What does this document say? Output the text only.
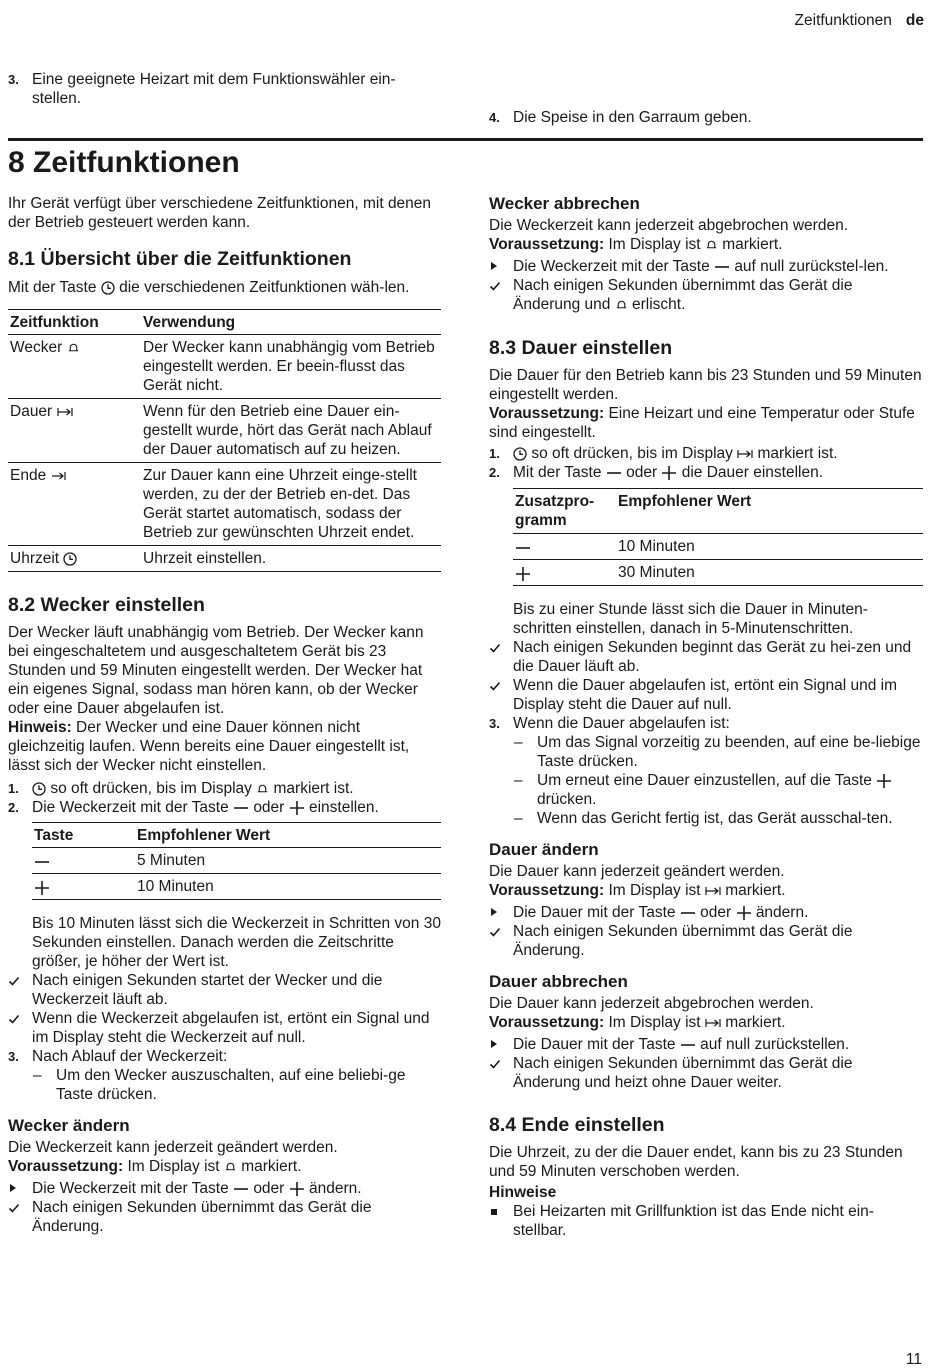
Zeitfunktionen de
3. Eine geeignete Heizart mit dem Funktionswähler ein-
stellen.
4. Die Speise in den Garraum geben.
8 Zeitfunktionen

Ihr Gerät verfügt über verschiedene Zeitfunktionen, mit denen der Betrieb gesteuert werden kann.

8.1 Übersicht über die Zeitfunktionen

Mit der Taste die verschiedenen Zeitfunktionen wäh-len.

Zeitfunktion	Verwendung
Wecker	Der Wecker kann unabhängig vom Betrieb eingestellt werden. Er beein-flusst das Gerät nicht.
Dauer	Wenn für den Betrieb eine Dauer ein-gestellt wurde, hört das Gerät nach Ablauf der Dauer automatisch auf zu heizen.
Ende	Zur Dauer kann eine Uhrzeit einge-stellt werden, zu der der Betrieb en-det. Das Gerät startet automatisch, sodass der Betrieb zur gewünschten Uhrzeit endet.
Uhrzeit	Uhrzeit einstellen.
8.2 Wecker einstellen

Der Wecker läuft unabhängig vom Betrieb. Der Wecker kann bei eingeschaltetem und ausgeschaltetem Gerät bis 23 Stunden und 59 Minuten eingestellt werden. Der Wecker hat ein eigenes Signal, sodass man hören kann, ob der Wecker oder eine Dauer abgelaufen ist.

Hinweis: Der Wecker und eine Dauer können nicht gleichzeitig laufen. Wenn bereits eine Dauer eingestellt ist, lässt sich der Wecker nicht einstellen.

1. so oft drücken, bis im Display markiert ist.
2. Die Weckerzeit mit der Taste oder einstellen.
Taste	Empfohlener Wert
	5 Minuten
	10 Minuten

Bis 10 Minuten lässt sich die Weckerzeit in Schritten von 30 Sekunden einstellen. Danach werden die Zeitschritte größer, je höher der Wert ist.

Nach einigen Sekunden startet der Wecker und die Weckerzeit läuft ab.
Wenn die Weckerzeit abgelaufen ist, ertönt ein Signal und im Display steht die Weckerzeit auf null.
3. Nach Ablauf der Weckerzeit:
– Um den Wecker auszuschalten, auf eine beliebi-ge Taste drücken.
Wecker ändern

Die Weckerzeit kann jederzeit geändert werden.

Voraussetzung: Im Display ist markiert.

Die Weckerzeit mit der Taste oder ändern.
Nach einigen Sekunden übernimmt das Gerät die Änderung.
Wecker abbrechen

Die Weckerzeit kann jederzeit abgebrochen werden.

Voraussetzung: Im Display ist markiert.

Die Weckerzeit mit der Taste auf null zurückstel-len.
Nach einigen Sekunden übernimmt das Gerät die Änderung und erlischt.
8.3 Dauer einstellen

Die Dauer für den Betrieb kann bis 23 Stunden und 59 Minuten eingestellt werden.

Voraussetzung: Eine Heizart und eine Temperatur oder Stufe sind eingestellt.

1. so oft drücken, bis im Display markiert ist.
2. Mit der Taste oder die Dauer einstellen.
Zusatzpro-
gramm	Empfohlener Wert
	10 Minuten
	30 Minuten

Bis zu einer Stunde lässt sich die Dauer in Minuten-schritten einstellen, danach in 5-Minutenschritten.

Nach einigen Sekunden beginnt das Gerät zu hei-zen und die Dauer läuft ab.
Wenn die Dauer abgelaufen ist, ertönt ein Signal und im Display steht die Dauer auf null.
3. Wenn die Dauer abgelaufen ist:
– Um das Signal vorzeitig zu beenden, auf eine be-liebige Taste drücken.
– Um erneut eine Dauer einzustellen, auf die Taste  drücken.
– Wenn das Gericht fertig ist, das Gerät ausschal-ten.
Dauer ändern

Die Dauer kann jederzeit geändert werden.

Voraussetzung: Im Display ist markiert.

Die Dauer mit der Taste oder ändern.
Nach einigen Sekunden übernimmt das Gerät die Änderung.
Dauer abbrechen

Die Dauer kann jederzeit abgebrochen werden.

Voraussetzung: Im Display ist markiert.

Die Dauer mit der Taste auf null zurückstellen.
Nach einigen Sekunden übernimmt das Gerät die Änderung und heizt ohne Dauer weiter.
8.4 Ende einstellen

Die Uhrzeit, zu der die Dauer endet, kann bis zu 23 Stunden und 59 Minuten verschoben werden.

Hinweise

Bei Heizarten mit Grillfunktion ist das Ende nicht ein-stellbar.
11
